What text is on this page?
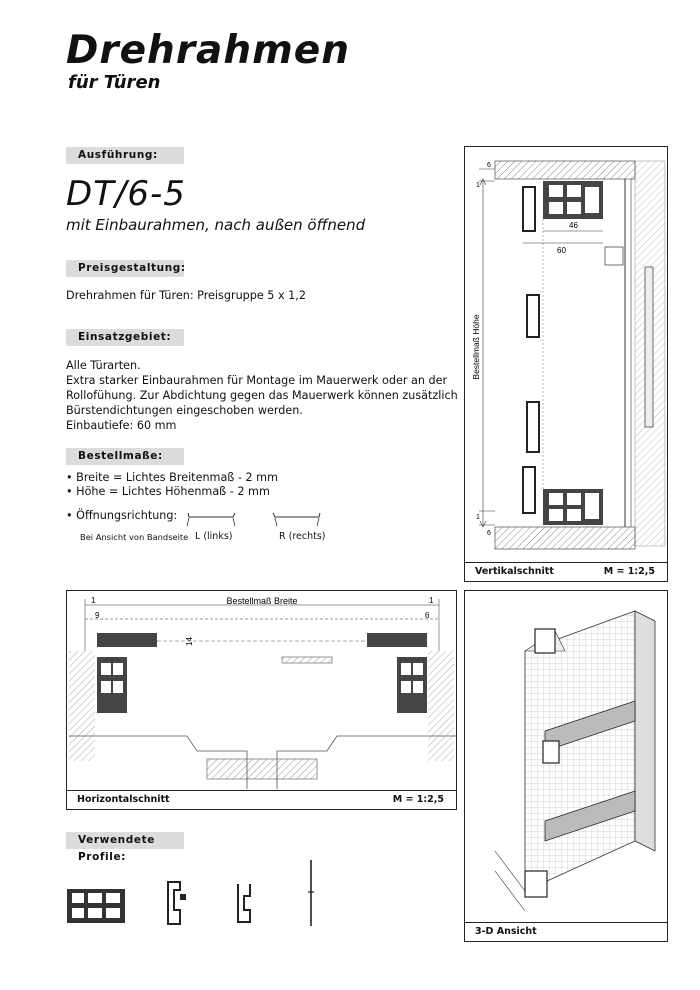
Drehrahmen
für Türen
Ausführung:
DT/6-5
mit Einbaurahmen, nach außen öffnend
Preisgestaltung:
Drehrahmen für Türen: Preisgruppe 5 x 1,2
Einsatzgebiet:
Alle Türarten.
Extra starker Einbaurahmen für Montage im Mauerwerk oder an der
Rollofühung. Zur Abdichtung gegen das Mauerwerk können zusätzlich
Bürstendichtungen eingeschoben werden.
Einbautiefe: 60 mm
Bestellmaße:
• Breite = Lichtes Breitenmaß - 2 mm
• Höhe = Lichtes Höhenmaß - 2 mm
• Öffnungsrichtung:
Bei Ansicht von Bandseite L (links)	R (rechts)
Bestellmaß Höhe
6
1
46
60
1
6
Vertikalschnitt	M = 1:2,5
Bestellmaß Breite
1	1
9	6
14
Horizontalschnitt	M = 1:2,5
3-D Ansicht
Verwendete Profile:
